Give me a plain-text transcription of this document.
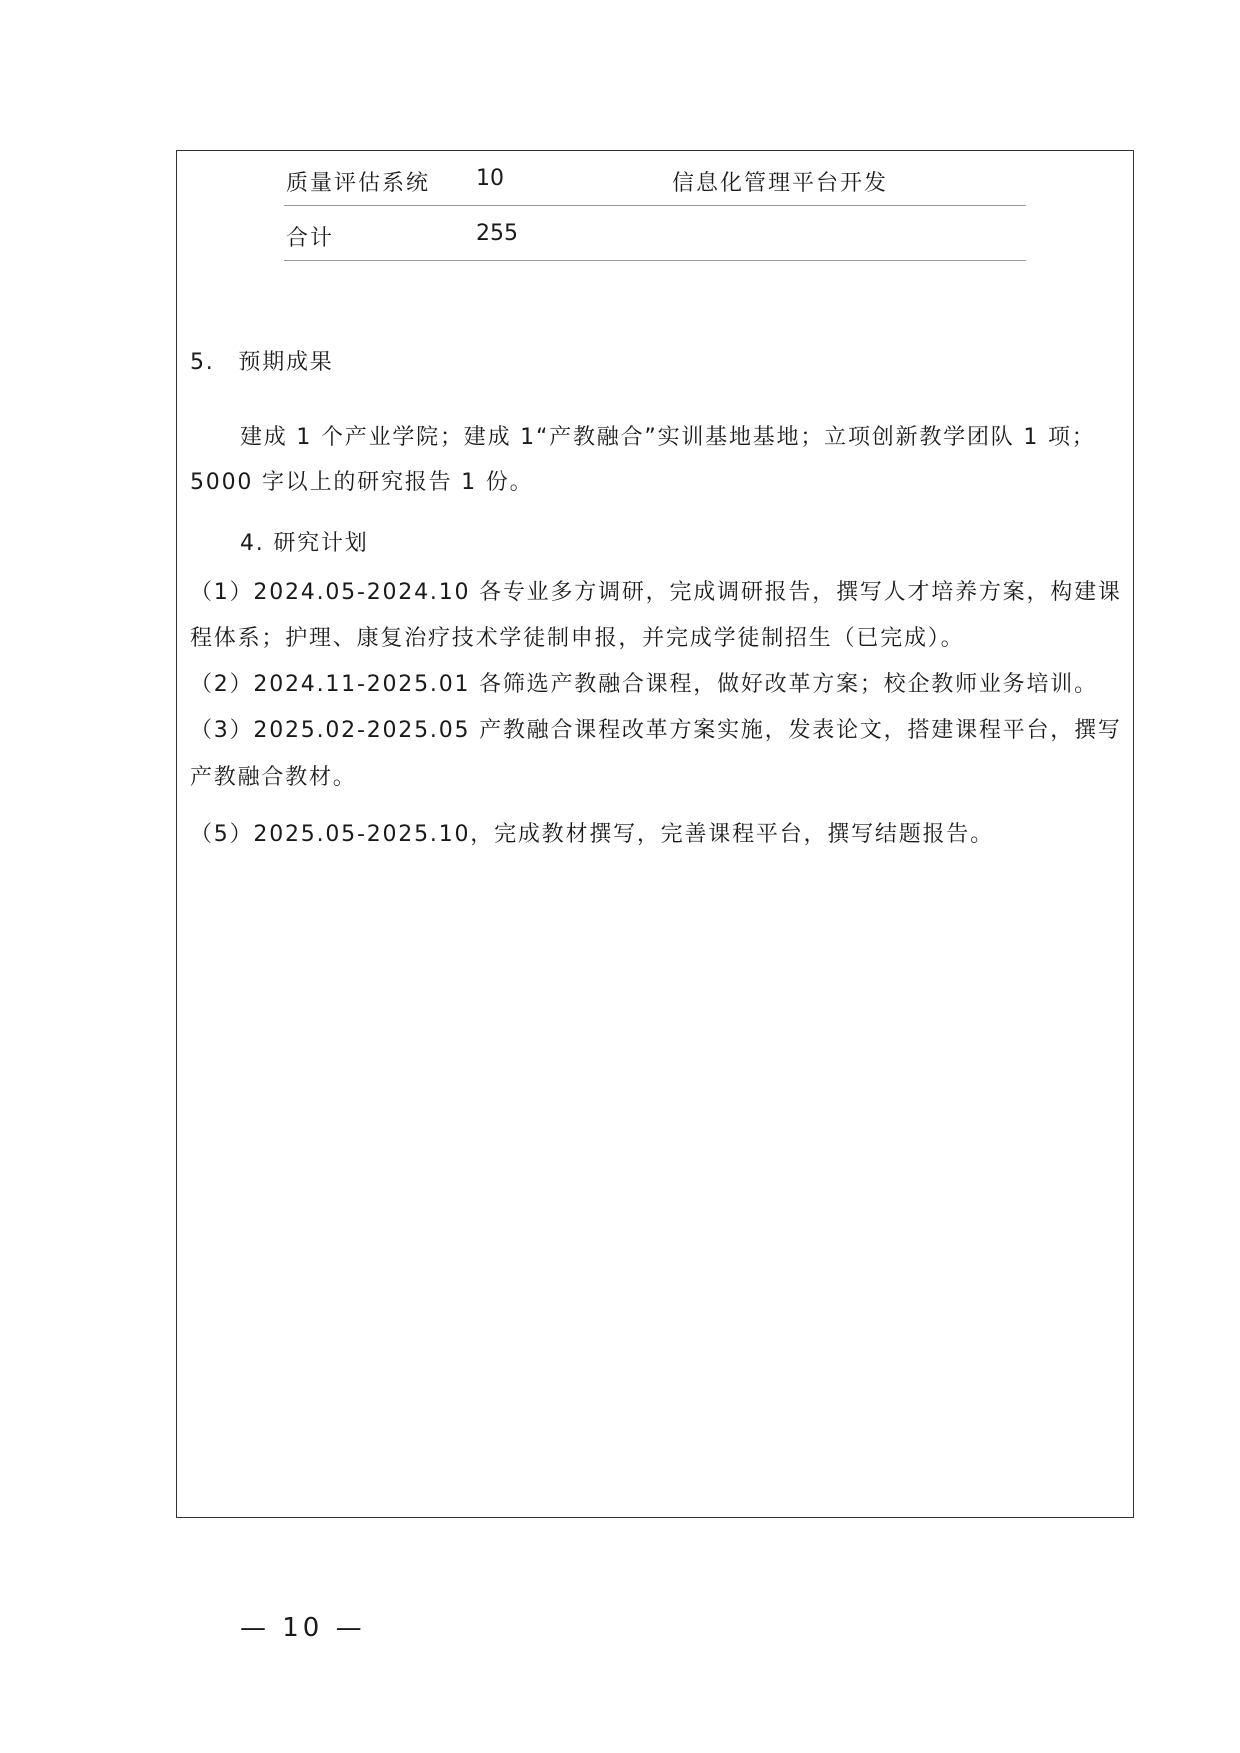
质量评估系统 10	信息化管理平台开发
合计	255
5.　预期成果
建成 1 个产业学院；建成 1“产教融合”实训基地基地；立项创新教学团队 1 项；
5000 字以上的研究报告 1 份。
4. 研究计划
（1）2024.05-2024.10 各专业多方调研，完成调研报告，撰写人才培养方案，构建课
程体系；护理、康复治疗技术学徒制申报，并完成学徒制招生（已完成）。
（2）2024.11-2025.01 各筛选产教融合课程，做好改革方案；校企教师业务培训。
（3）2025.02-2025.05 产教融合课程改革方案实施，发表论文，搭建课程平台，撰写
产教融合教材。
（5）2025.05-2025.10，完成教材撰写，完善课程平台，撰写结题报告。
— 10 —
